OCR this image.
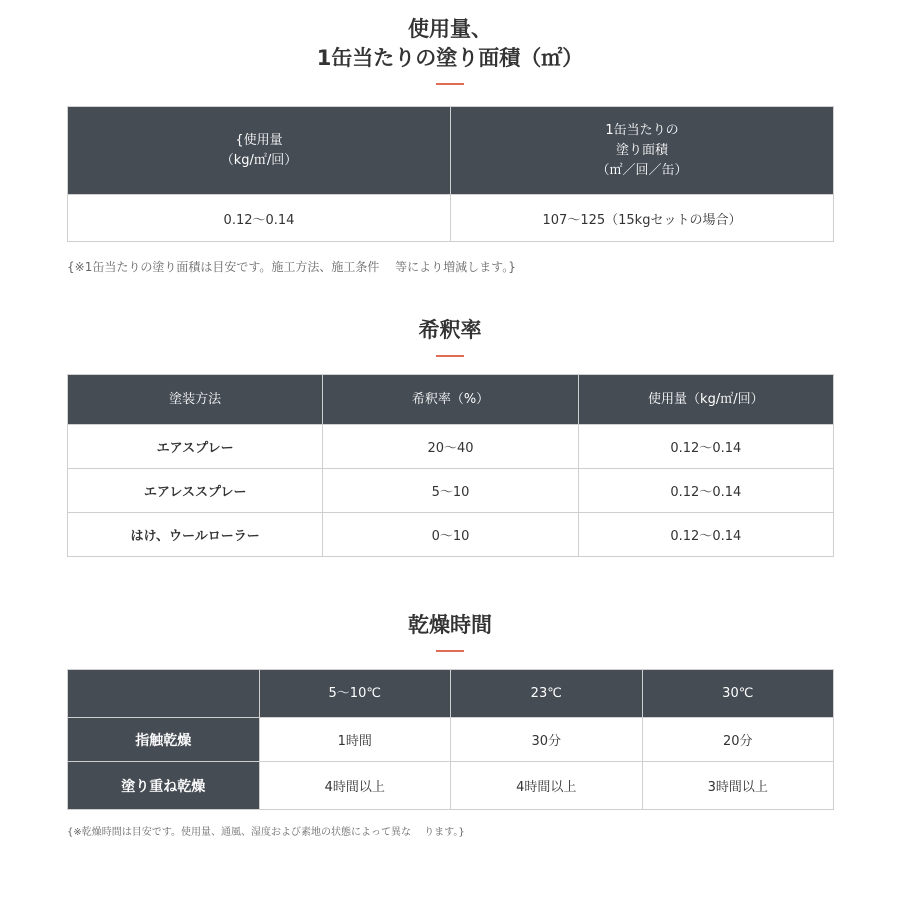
使用量、
1缶当たりの塗り面積（㎡）
{使用量
（kg/㎡/回）	1缶当たりの
塗り面積
（㎡／回／缶）

0.12〜0.14	107〜125（15kgセットの場合）

{※1缶当たりの塗り面積は目安です。施工方法、施工条件　 等により増減します。}

希釈率
塗装方法	希釈率（%）	使用量（kg/㎡/回）
エアスプレー	20〜40	0.12〜0.14
エアレススプレー	5〜10	0.12〜0.14
はけ、ウールローラー	0〜10	0.12〜0.14
乾燥時間
	5〜10℃	23℃	30℃
指触乾燥	1時間	30分	20分
塗り重ね乾燥	4時間以上	4時間以上	3時間以上

{※乾燥時間は目安です。使用量、通風、湿度および素地の状態によって異な　 ります。}
